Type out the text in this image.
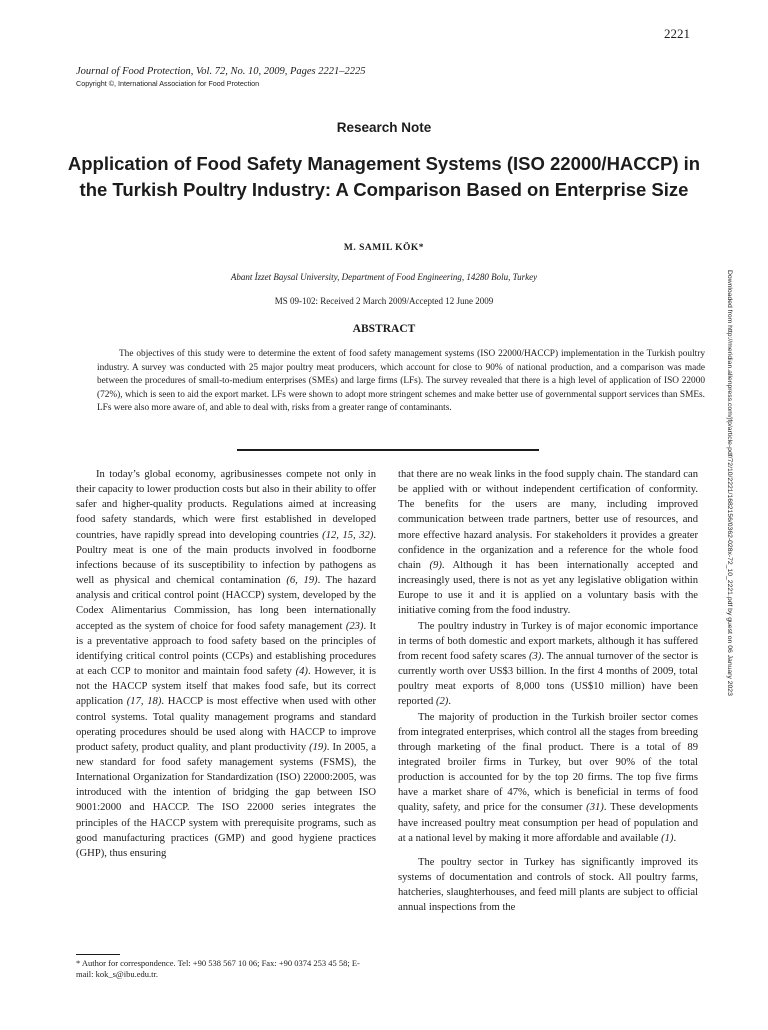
2221
Journal of Food Protection, Vol. 72, No. 10, 2009, Pages 2221–2225
Copyright ©, International Association for Food Protection
Research Note
Application of Food Safety Management Systems (ISO 22000/HACCP) in the Turkish Poultry Industry: A Comparison Based on Enterprise Size
M. SAMIL KÖK*
Abant İzzet Baysal University, Department of Food Engineering, 14280 Bolu, Turkey
MS 09-102: Received 2 March 2009/Accepted 12 June 2009
ABSTRACT
The objectives of this study were to determine the extent of food safety management systems (ISO 22000/HACCP) implementation in the Turkish poultry industry. A survey was conducted with 25 major poultry meat producers, which account for close to 90% of national production, and a comparison was made between the procedures of small-to-medium enterprises (SMEs) and large firms (LFs). The survey revealed that there is a high level of application of ISO 22000 (72%), which is seen to aid the export market. LFs were shown to adopt more stringent schemes and make better use of governmental support services than SMEs. LFs were also more aware of, and able to deal with, risks from a greater range of contaminants.

In today’s global economy, agribusinesses compete not only in their capacity to lower production costs but also in their ability to offer safer and higher-quality products. Regulations aimed at increasing food safety standards, which were first established in developed countries, have rapidly spread into developing countries (12, 15, 32). Poultry meat is one of the main products involved in foodborne infections because of its susceptibility to infection by pathogens as well as physical and chemical contamination (6, 19). The hazard analysis and critical control point (HACCP) system, developed by the Codex Alimentarius Commission, has long been internationally accepted as the system of choice for food safety management (23). It is a preventative approach to food safety based on the principles of identifying critical control points (CCPs) and establishing procedures at each CCP to monitor and maintain food safety (4). However, it is not the HACCP system itself that makes food safe, but its correct application (17, 18). HACCP is most effective when used with other control systems. Total quality management programs and standard operating procedures should be used along with HACCP to improve product safety, product quality, and plant productivity (19). In 2005, a new standard for food safety management systems (FSMS), the International Organization for Standardization (ISO) 22000:2005, was introduced with the intention of bridging the gap between ISO 9001:2000 and HACCP. The ISO 22000 series integrates the principles of the HACCP system with prerequisite programs, such as good manufacturing practices (GMP) and good hygiene practices (GHP), thus ensuring

that there are no weak links in the food supply chain. The standard can be applied with or without independent certification of conformity. The benefits for the users are many, including improved communication between trade partners, better use of resources, and more effective hazard analysis. For stakeholders it provides a greater confidence in the organization and a reference for the whole food chain (9). Although it has been internationally accepted and increasingly used, there is not as yet any legislative obligation within Europe to use it and it is applied on a voluntary basis with the initiative coming from the food industry.

The poultry industry in Turkey is of major economic importance in terms of both domestic and export markets, although it has suffered from recent food safety scares (3). The annual turnover of the sector is currently worth over US$3 billion. In the first 4 months of 2009, total poultry meat exports of 8,000 tons (US$10 million) have been reported (2).

The majority of production in the Turkish broiler sector comes from integrated enterprises, which control all the stages from breeding through marketing of the final product. There is a total of 89 integrated broiler firms in Turkey, but over 90% of the total production is accounted for by the top 20 firms. The top five firms have a market share of 47%, which is beneficial in terms of food quality, safety, and price for the consumer (31). These developments have increased poultry meat consumption per head of population and at a national level by making it more affordable and available (1).

The poultry sector in Turkey has significantly improved its systems of documentation and controls of stock. All poultry farms, hatcheries, slaughterhouses, and feed mill plants are subject to official annual inspections from the

* Author for correspondence. Tel: +90 538 567 10 06; Fax: +90 0374 253 45 58; E-mail: kok_s@ibu.edu.tr.
Downloaded from http://meridian.allenpress.com/jfp/article-pdf/72/10/2221/1682156/0362-028x-72_10_2221.pdf by guest on 06 January 2023
